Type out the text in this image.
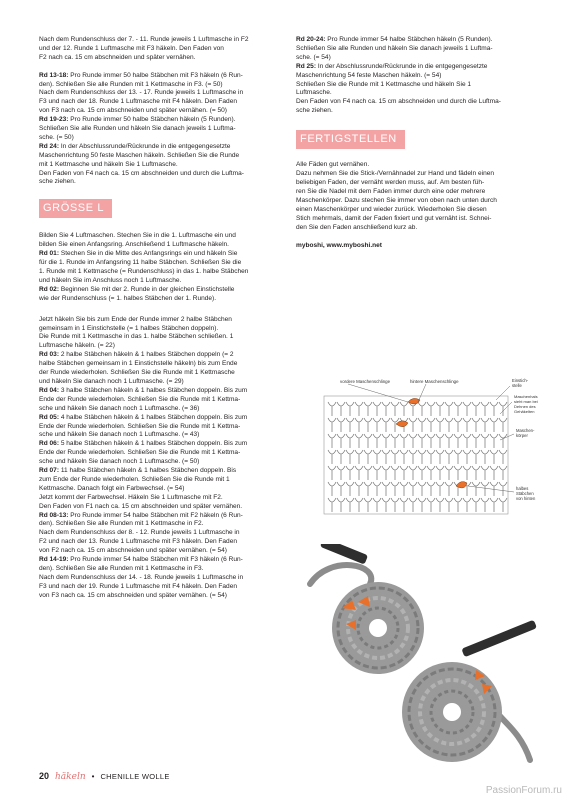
Nach dem Rundenschluss der 7. - 11. Runde jeweils 1 Luftmasche in F2
und der 12. Runde 1 Luftmasche mit F3 häkeln. Den Faden von
F2 nach ca. 15 cm abschneiden und später vernähen.
Rd 13-18: Pro Runde immer 50 halbe Stäbchen mit F3 häkeln (6 Run-
den). Schließen Sie alle Runden mit 1 Kettmasche in F3. (= 50)
Nach dem Rundenschluss der 13. - 17. Runde jeweils 1 Luftmasche in
F3 und nach der 18. Runde 1 Luftmasche mit F4 häkeln. Den Faden
von F3 nach ca. 15 cm abschneiden und später vernähen. (= 50)
Rd 19-23: Pro Runde immer 50 halbe Stäbchen häkeln (5 Runden).
Schließen Sie alle Runden und häkeln Sie danach jeweils 1 Luftma-
sche. (= 50)
Rd 24: In der Abschlussrunde/Rückrunde in die entgegengesetzte
Maschenrichtung 50 feste Maschen häkeln. Schließen Sie die Runde
mit 1 Kettmasche und häkeln Sie 1 Luftmasche.
Den Faden von F4 nach ca. 15 cm abschneiden und durch die Luftma-
sche ziehen.
GRÖSSE L
Bilden Sie 4 Luftmaschen. Stechen Sie in die 1. Luftmasche ein und
bilden Sie einen Anfangsring. Anschließend 1 Luftmasche häkeln.
Rd 01: Stechen Sie in die Mitte des Anfangsrings ein und häkeln Sie
für die 1. Runde im Anfangsring 11 halbe Stäbchen. Schließen Sie die
1. Runde mit 1 Kettmasche (= Rundenschluss) in das 1. halbe Stäbchen
und häkeln Sie im Anschluss noch 1 Luftmasche.
Rd 02: Beginnen Sie mit der 2. Runde in der gleichen Einstichstelle
wie der Rundenschluss (= 1. halbes Stäbchen der 1. Runde).
Jetzt häkeln Sie bis zum Ende der Runde immer 2 halbe Stäbchen
gemeinsam in 1 Einstichstelle (= 1 halbes Stäbchen doppeln).
Die Runde mit 1 Kettmasche in das 1. halbe Stäbchen schließen. 1
Luftmasche häkeln. (= 22)
Rd 03: 2 halbe Stäbchen häkeln & 1 halbes Stäbchen doppeln (= 2
halbe Stäbchen gemeinsam in 1 Einstichstelle häkeln) bis zum Ende
der Runde wiederholen. Schließen Sie die Runde mit 1 Kettmasche
und häkeln Sie danach noch 1 Luftmasche. (= 29)
Rd 04: 3 halbe Stäbchen häkeln & 1 halbes Stäbchen doppeln. Bis zum
Ende der Runde wiederholen. Schließen Sie die Runde mit 1 Kettma-
sche und häkeln Sie danach noch 1 Luftmasche. (= 36)
Rd 05: 4 halbe Stäbchen häkeln & 1 halbes Stäbchen doppeln. Bis zum
Ende der Runde wiederholen. Schließen Sie die Runde mit 1 Kettma-
sche und häkeln Sie danach noch 1 Luftmasche. (= 43)
Rd 06: 5 halbe Stäbchen häkeln & 1 halbes Stäbchen doppeln. Bis zum
Ende der Runde wiederholen. Schließen Sie die Runde mit 1 Kettma-
sche und häkeln Sie danach noch 1 Luftmasche. (= 50)
Rd 07: 11 halbe Stäbchen häkeln & 1 halbes Stäbchen doppeln. Bis
zum Ende der Runde wiederholen. Schließen Sie die Runde mit 1
Kettmasche. Danach folgt ein Farbwechsel. (= 54)
Jetzt kommt der Farbwechsel. Häkeln Sie 1 Luftmasche mit F2.
Den Faden von F1 nach ca. 15 cm abschneiden und später vernähen.
Rd 08-13: Pro Runde immer 54 halbe Stäbchen mit F2 häkeln (6 Run-
den). Schließen Sie alle Runden mit 1 Kettmasche in F2.
Nach dem Rundenschluss der 8. - 12. Runde jeweils 1 Luftmasche in
F2 und nach der 13. Runde 1 Luftmasche mit F3 häkeln. Den Faden
von F2 nach ca. 15 cm abschneiden und später vernähen. (= 54)
Rd 14-19: Pro Runde immer 54 halbe Stäbchen mit F3 häkeln (6 Run-
den). Schließen Sie alle Runden mit 1 Kettmasche in F3.
Nach dem Rundenschluss der 14. - 18. Runde jeweils 1 Luftmasche in
F3 und nach der 19. Runde 1 Luftmasche mit F4 häkeln. Den Faden
von F3 nach ca. 15 cm abschneiden und später vernähen. (= 54)
Rd 20-24: Pro Runde immer 54 halbe Stäbchen häkeln (5 Runden).
Schließen Sie alle Runden und häkeln Sie danach jeweils 1 Luftma-
sche. (= 54)
Rd 25: In der Abschlussrunde/Rückrunde in die entgegengesetzte
Maschenrichtung 54 feste Maschen häkeln. (= 54)
Schließen Sie die Runde mit 1 Kettmasche und häkeln Sie 1
Luftmasche.
Den Faden von F4 nach ca. 15 cm abschneiden und durch die Luftma-
sche ziehen.
FERTIGSTELLEN
Alle Fäden gut vernähen.
Dazu nehmen Sie die Stick-/Vernähnadel zur Hand und fädeln einen
beliebigen Faden, der vernäht werden muss, auf. Am besten füh-
ren Sie die Nadel mit dem Faden immer durch eine oder mehrere
Maschenkörper. Dazu stechen Sie immer von oben nach unten durch
einen Maschenkörper und wieder zurück. Wiederholen Sie diesen
Stich mehrmals, damit der Faden fixiert und gut vernäht ist. Schnei-
den Sie den Faden anschließend kurz ab.
myboshi, www.myboshi.net
vordere Maschenschlinge	hintere Maschenschlinge	Einstich- stelle
Maschenhals sieht man bei Dehnen des Gehäkelten
Maschen- körper
halbes Stäbchen von hinten
20 häkeln • CHENILLE WOLLE
PassionForum.ru
